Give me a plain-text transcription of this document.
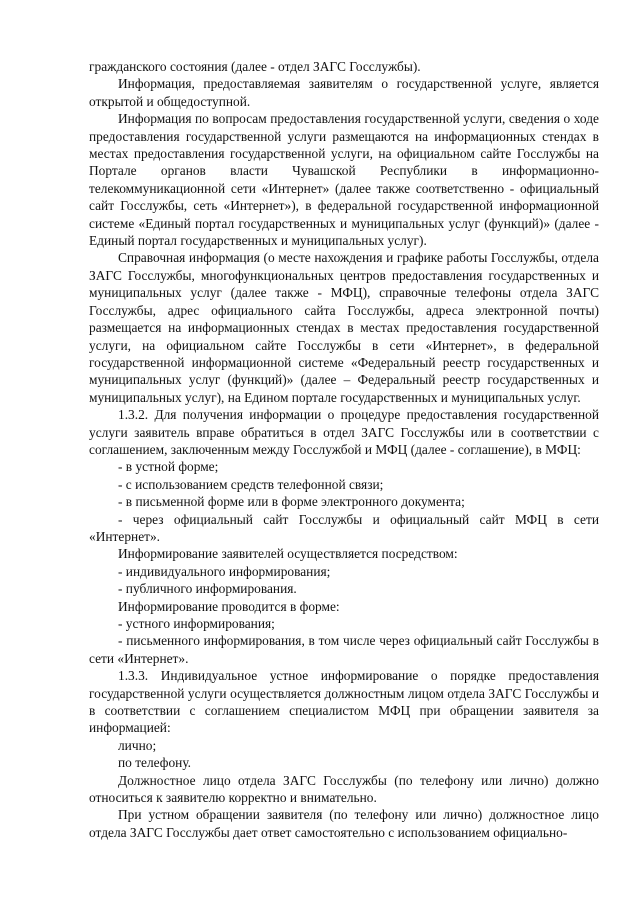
гражданского состояния (далее - отдел ЗАГС Госслужбы).

Информация, предоставляемая заявителям о государственной услуге, является открытой и общедоступной.

Информация по вопросам предоставления государственной услуги, сведения о ходе предоставления государственной услуги размещаются на информационных стендах в местах предоставления государственной услуги, на официальном сайте Госслужбы на Портале органов власти Чувашской Республики в информационно-телекоммуникационной сети «Интернет» (далее также соответственно - официальный сайт Госслужбы, сеть «Интернет»), в федеральной государственной информационной системе «Единый портал государственных и муниципальных услуг (функций)» (далее - Единый портал государственных и муниципальных услуг).

Справочная информация (о месте нахождения и графике работы Госслужбы, отдела ЗАГС Госслужбы, многофункциональных центров предоставления государственных и муниципальных услуг (далее также - МФЦ), справочные телефоны отдела ЗАГС Госслужбы, адрес официального сайта Госслужбы, адреса электронной почты) размещается на информационных стендах в местах предоставления государственной услуги, на официальном сайте Госслужбы в сети «Интернет», в федеральной государственной информационной системе «Федеральный реестр государственных и муниципальных услуг (функций)» (далее – Федеральный реестр государственных и муниципальных услуг), на Едином портале государственных и муниципальных услуг.

1.3.2. Для получения информации о процедуре предоставления государственной услуги заявитель вправе обратиться в отдел ЗАГС Госслужбы или в соответствии с соглашением, заключенным между Госслужбой и МФЦ (далее - соглашение), в МФЦ:

- в устной форме;

- с использованием средств телефонной связи;

- в письменной форме или в форме электронного документа;

- через официальный сайт Госслужбы и официальный сайт МФЦ в сети «Интернет».

Информирование заявителей осуществляется посредством:

- индивидуального информирования;

- публичного информирования.

Информирование проводится в форме:

- устного информирования;

- письменного информирования, в том числе через официальный сайт Госслужбы в сети «Интернет».

1.3.3. Индивидуальное устное информирование о порядке предоставления государственной услуги осуществляется должностным лицом отдела ЗАГС Госслужбы и в соответствии с соглашением специалистом МФЦ при обращении заявителя за информацией:

лично;

по телефону.

Должностное лицо отдела ЗАГС Госслужбы (по телефону или лично) должно относиться к заявителю корректно и внимательно.

При устном обращении заявителя (по телефону или лично) должностное лицо отдела ЗАГС Госслужбы дает ответ самостоятельно с использованием официально-
